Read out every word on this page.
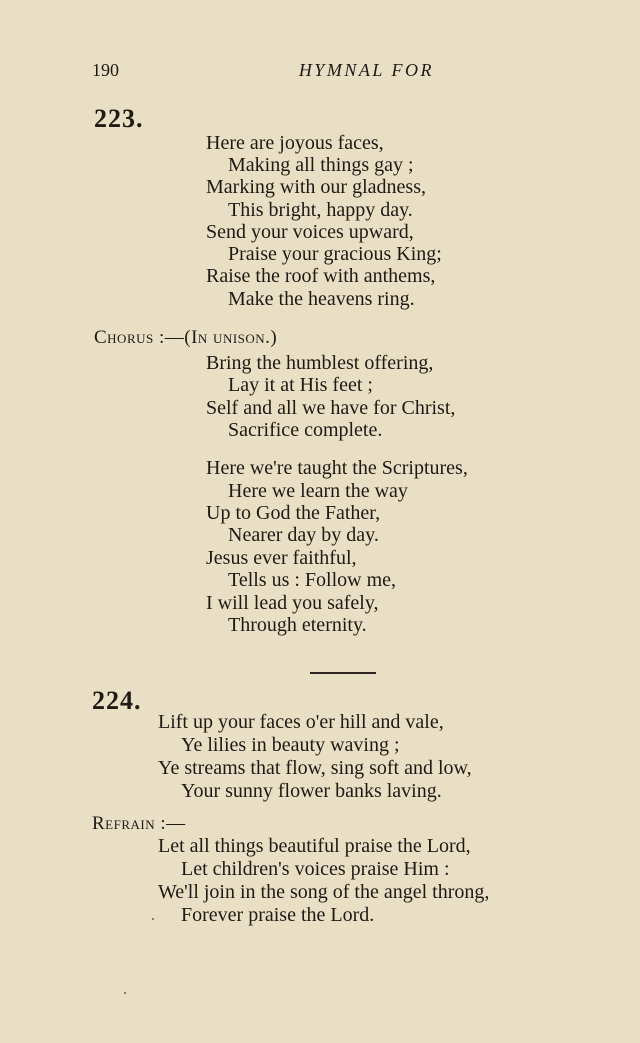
190	HYMNAL FOR
223.
Here are joyous faces,
Making all things gay ;
Marking with our gladness,
This bright, happy day.
Send your voices upward,
Praise your gracious King;
Raise the roof with anthems,
Make the heavens ring.
Chorus :—(In unison.)
Bring the humblest offering,
Lay it at His feet ;
Self and all we have for Christ,
Sacrifice complete.
Here we're taught the Scriptures,
Here we learn the way
Up to God the Father,
Nearer day by day.
Jesus ever faithful,
Tells us : Follow me,
I will lead you safely,
Through eternity.
224.
Lift up your faces o'er hill and vale,
Ye lilies in beauty waving ;
Ye streams that flow, sing soft and low,
Your sunny flower banks laving.
Refrain :—
Let all things beautiful praise the Lord,
Let children's voices praise Him :
We'll join in the song of the angel throng,
Forever praise the Lord.
